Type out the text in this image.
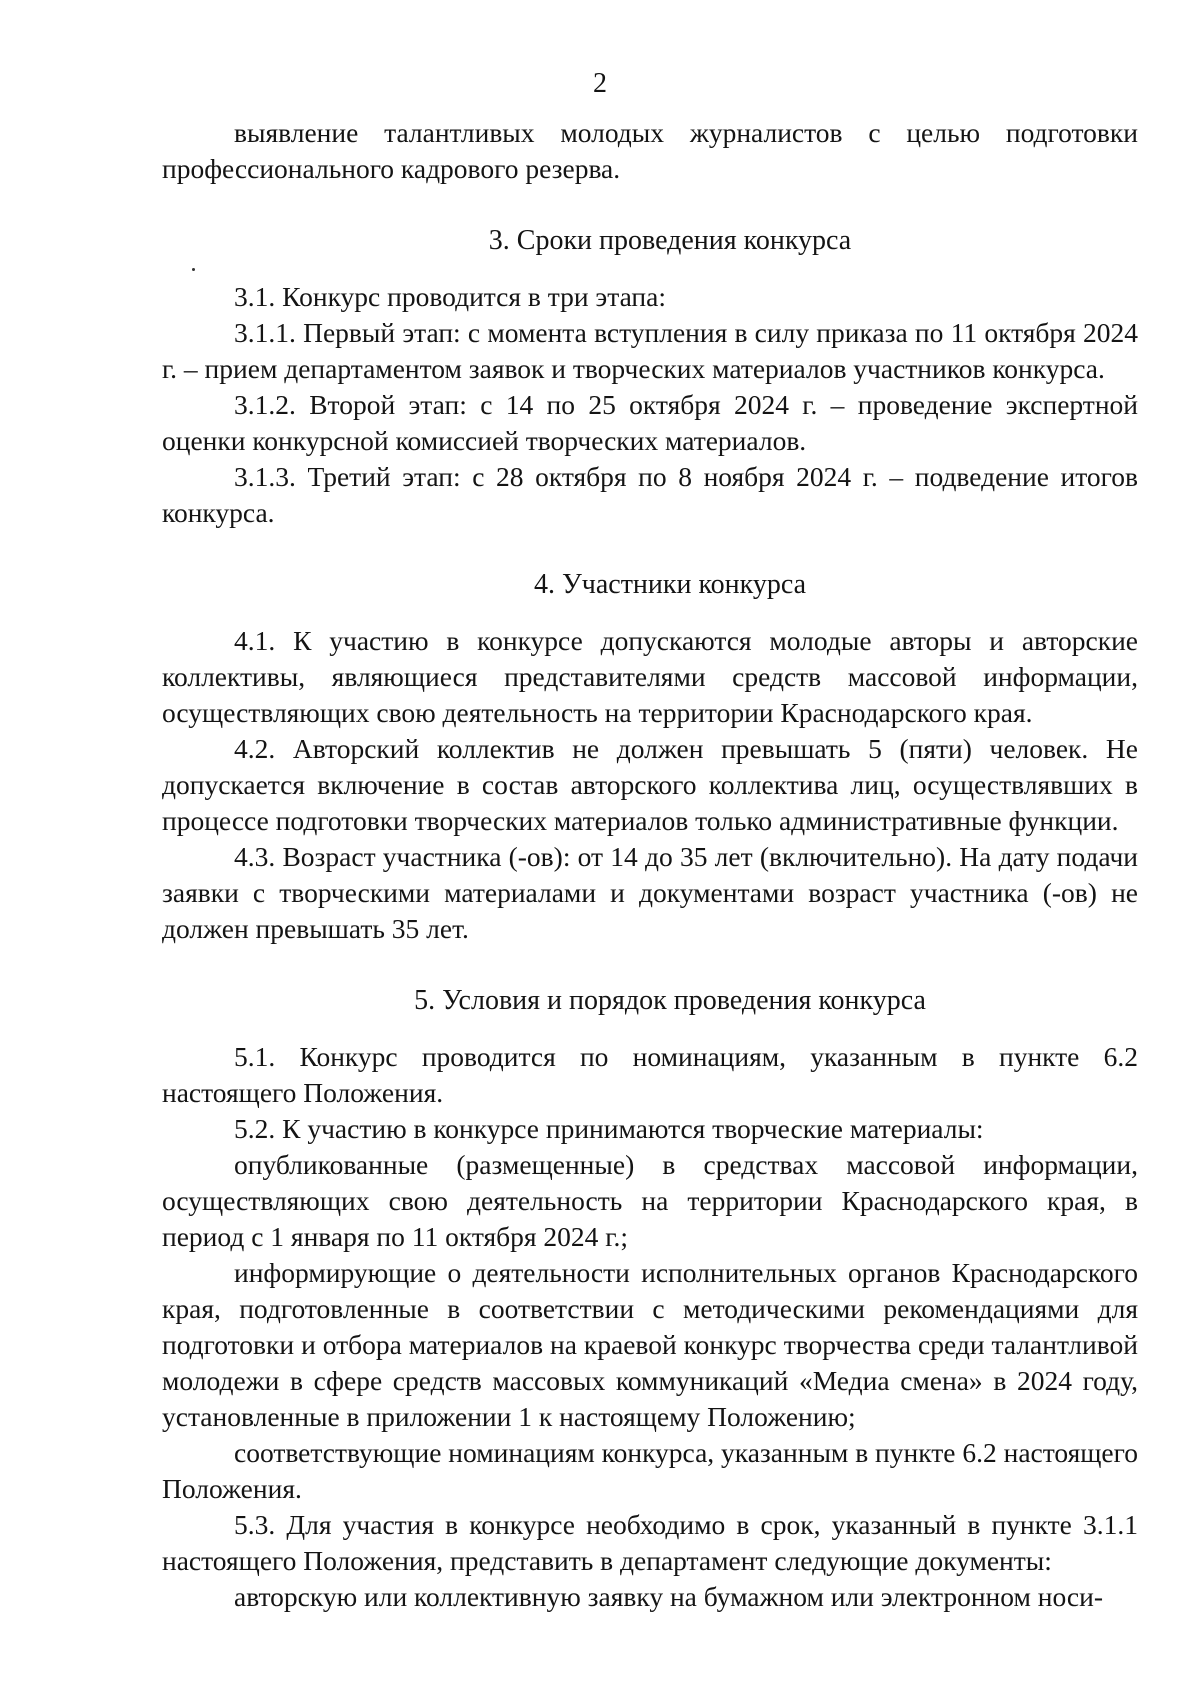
2

выявление талантливых молодых журналистов с целью подготовки профессионального кадрового резерва.

3. Сроки проведения конкурса

3.1. Конкурс проводится в три этапа:

3.1.1. Первый этап: с момента вступления в силу приказа по 11 октября 2024 г. – прием департаментом заявок и творческих материалов участников конкурса.

3.1.2. Второй этап: с 14 по 25 октября 2024 г. – проведение экспертной оценки конкурсной комиссией творческих материалов.

3.1.3. Третий этап: с 28 октября по 8 ноября 2024 г. – подведение итогов конкурса.

4. Участники конкурса

4.1. К участию в конкурсе допускаются молодые авторы и авторские коллективы, являющиеся представителями средств массовой информации, осуществляющих свою деятельность на территории Краснодарского края.

4.2. Авторский коллектив не должен превышать 5 (пяти) человек. Не допускается включение в состав авторского коллектива лиц, осуществлявших в процессе подготовки творческих материалов только административные функции.

4.3. Возраст участника (-ов): от 14 до 35 лет (включительно). На дату подачи заявки с творческими материалами и документами возраст участника (-ов) не должен превышать 35 лет.

5. Условия и порядок проведения конкурса

5.1. Конкурс проводится по номинациям, указанным в пункте 6.2 настоящего Положения.

5.2. К участию в конкурсе принимаются творческие материалы:

опубликованные (размещенные) в средствах массовой информации, осуществляющих свою деятельность на территории Краснодарского края, в период с 1 января по 11 октября 2024 г.;

информирующие о деятельности исполнительных органов Краснодарского края, подготовленные в соответствии с методическими рекомендациями для подготовки и отбора материалов на краевой конкурс творчества среди талантливой молодежи в сфере средств массовых коммуникаций «Медиа смена» в 2024 году, установленные в приложении 1 к настоящему Положению;

соответствующие номинациям конкурса, указанным в пункте 6.2 настоящего Положения.

5.3. Для участия в конкурсе необходимо в срок, указанный в пункте 3.1.1 настоящего Положения, представить в департамент следующие документы:

авторскую или коллективную заявку на бумажном или электронном носи-
